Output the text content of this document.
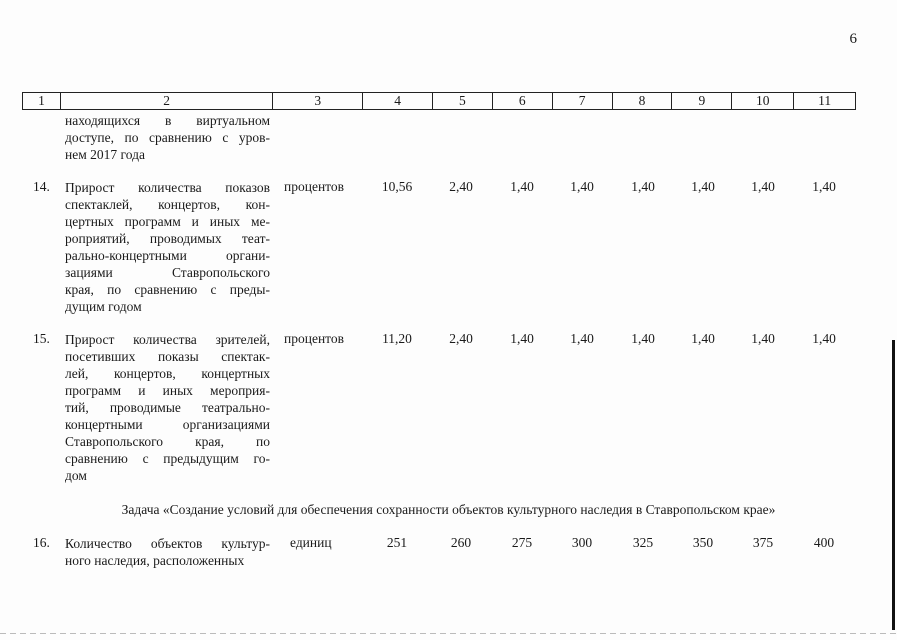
6
1	2	3	4	5	6	7	8	9	10	11
находящихся в виртуальном
доступе, по сравнению с уров-
нем 2017 года
14. Прирост количества показов
спектаклей, концертов, кон-
цертных программ и иных ме-
роприятий, проводимых теат-
рально-концертными органи-
зациями Ставропольского
края, по сравнению с преды-
дущим годом
процентов	10,56	2,40	1,40	1,40	1,40	1,40	1,40	1,40
15. Прирост количества зрителей,
посетивших показы спектак-
лей, концертов, концертных
программ и иных мероприя-
тий, проводимые театрально-
концертными организациями
Ставропольского края, по
сравнению с предыдущим го-
дом
процентов	11,20	2,40	1,40	1,40	1,40	1,40	1,40	1,40
Задача «Создание условий для обеспечения сохранности объектов культурного наследия в Ставропольском крае»
16. Количество объектов культур-
ного наследия, расположенных
единиц	251	260	275	300	325	350	375	400
